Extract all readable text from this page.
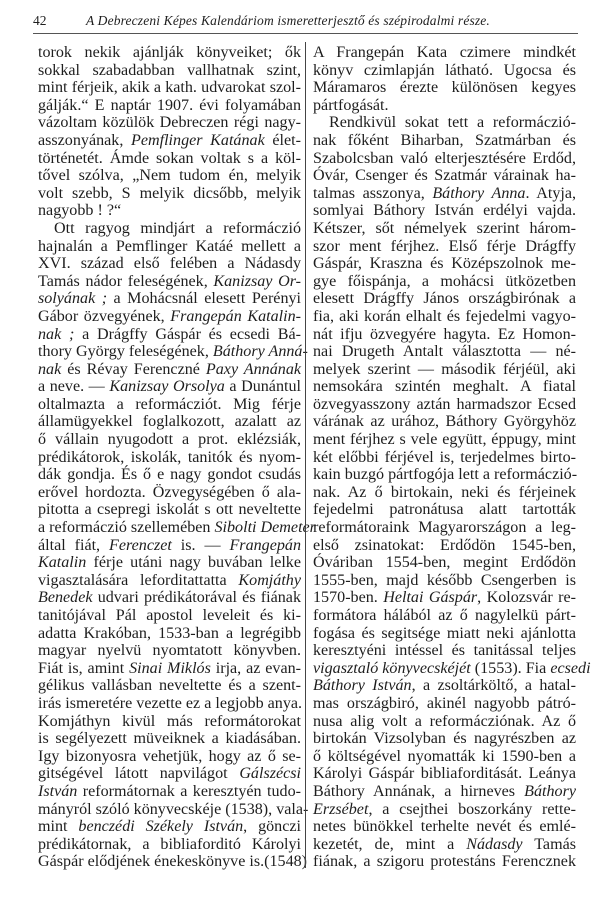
42	A Debreczeni Képes Kalendáriom ismeretterjesztő és szépirodalmi része.
torok nekik ajánlják könyveiket; ők
sokkal szabadabban vallhatnak szint,
mint férjeik, akik a kath. udvarokat szol-
gálják.“ E naptár 1907. évi folyamában
vázoltam közülök Debreczen régi nagy-
asszonyának, Pemflinger Katának élet-
történetét. Ámde sokan voltak s a köl-
tővel szólva, „Nem tudom én, melyik
volt szebb, S melyik dicsőbb, melyik
nagyobb ! ?“
Ott ragyog mindjárt a reformáczió
hajnalán a Pemflinger Katáé mellett a
XVI. század első felében a Nádasdy
Tamás nádor feleségének, Kanizsay Or-
solyának ; a Mohácsnál elesett Perényi
Gábor özvegyének, Frangepán Katalin-
nak ; a Drágffy Gáspár és ecsedi Bá-
thory György feleségének, Báthory Anná-
nak és Révay Ferenczné Paxy Annának
a neve. — Kanizsay Orsolya a Dunántul
oltalmazta a reformácziót. Mig férje
államügyekkel foglalkozott, azalatt az
ő vállain nyugodott a prot. eklézsiák,
prédikátorok, iskolák, tanitók és nyom-
dák gondja. És ő e nagy gondot csudás
erővel hordozta. Özvegységében ő ala-
pitotta a csepregi iskolát s ott neveltette
a reformáczió szellemében Sibolti Demeter
által fiát, Ferenczet is. — Frangepán
Katalin férje utáni nagy buvában lelke
vigasztalására leforditattatta Komjáthy
Benedek udvari prédikátorával és fiának
tanitójával Pál apostol leveleit és ki-
adatta Krakóban, 1533-ban a legrégibb
magyar nyelvü nyomtatott könyvben.
Fiát is, amint Sinai Miklós irja, az evan-
gélikus vallásban neveltette és a szent-
irás ismeretére vezette ez a legjobb anya.
Komjáthyn kivül más reformátorokat
is segélyezett müveiknek a kiadásában.
Igy bizonyosra vehetjük, hogy az ő se-
gitségével látott napvilágot Gálszécsi
István reformátornak a keresztyén tudo-
mányról szóló könyvecskéje (1538), vala-
mint benczédi Székely István, gönczi
prédikátornak, a bibliaforditó Károlyi
Gáspár elődjének énekeskönyve is.(1548)
A Frangepán Kata czimere mindkét
könyv czimlapján látható. Ugocsa és
Máramaros érezte különösen kegyes
pártfogását.
Rendkivül sokat tett a reformáczió-
nak főként Biharban, Szatmárban és
Szabolcsban való elterjesztésére Erdőd,
Óvár, Csenger és Szatmár várainak ha-
talmas asszonya, Báthory Anna. Atyja,
somlyai Báthory István erdélyi vajda.
Kétszer, sőt némelyek szerint három-
szor ment férjhez. Első férje Drágffy
Gáspár, Kraszna és Középszolnok me-
gye főispánja, a mohácsi ütközetben
elesett Drágffy János országbirónak a
fia, aki korán elhalt és fejedelmi vagyo-
nát ifju özvegyére hagyta. Ez Homon-
nai Drugeth Antalt választotta — né-
melyek szerint — második férjéül, aki
nemsokára szintén meghalt. A fiatal
özvegyasszony aztán harmadszor Ecsed
várának az urához, Báthory Györgyhöz
ment férjhez s vele együtt, éppugy, mint
két előbbi férjével is, terjedelmes birto-
kain buzgó pártfogója lett a reformáczió-
nak. Az ő birtokain, neki és férjeinek
fejedelmi patronátusa alatt tartották
reformátoraink Magyarországon a leg-
első zsinatokat: Erdődön 1545-ben,
Óváriban 1554-ben, megint Erdődön
1555-ben, majd később Csengerben is
1570-ben. Heltai Gáspár, Kolozsvár re-
formátora hálából az ő nagylelkü párt-
fogása és segitsége miatt neki ajánlotta
keresztyéni intéssel és tanitással teljes
vigasztaló könyvecskéjét (1553). Fia ecsedi
Báthory István, a zsoltárköltő, a hatal-
mas országbiró, akinél nagyobb pátró-
nusa alig volt a reformácziónak. Az ő
birtokán Vizsolyban és nagyrészben az
ő költségével nyomatták ki 1590-ben a
Károlyi Gáspár bibliaforditását. Leánya
Báthory Annának, a hirneves Báthory
Erzsébet, a csejthei boszorkány rette-
netes bünökkel terhelte nevét és emlé-
kezetét, de, mint a Nádasdy Tamás
fiának, a szigoru protestáns Ferencznek
